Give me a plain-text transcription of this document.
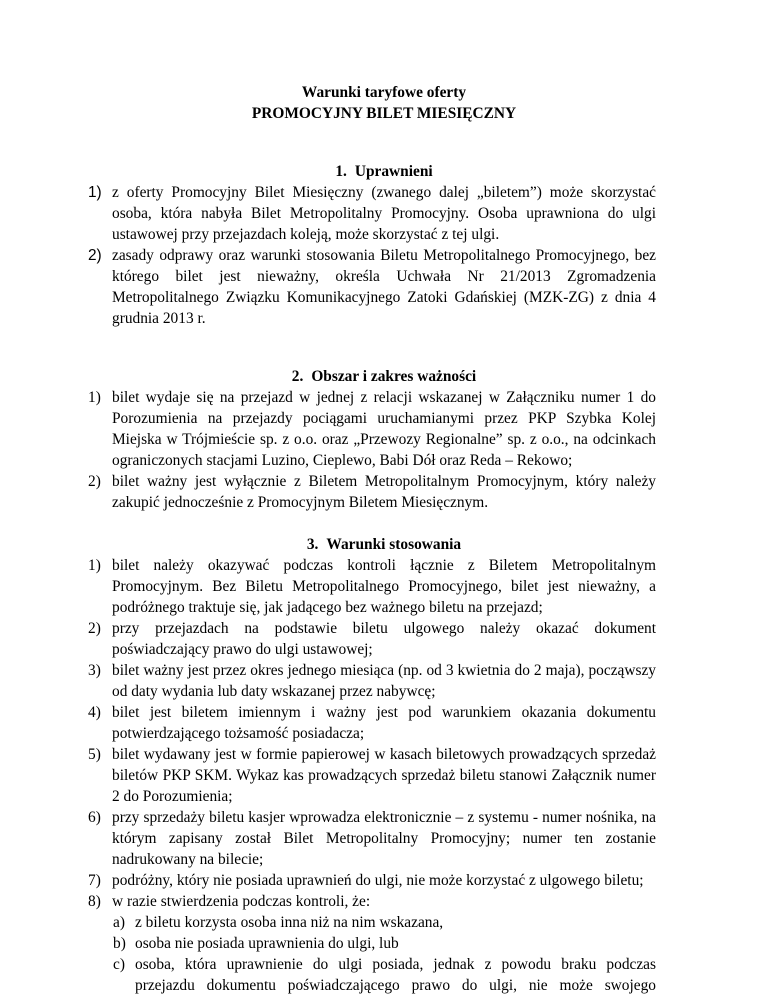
Warunki taryfowe oferty
PROMOCYJNY BILET MIESIĘCZNY
1. Uprawnieni
1) z oferty Promocyjny Bilet Miesięczny (zwanego dalej „biletem”) może skorzystać osoba, która nabyła Bilet Metropolitalny Promocyjny. Osoba uprawniona do ulgi ustawowej przy przejazdach koleją, może skorzystać z tej ulgi.
2) zasady odprawy oraz warunki stosowania Biletu Metropolitalnego Promocyjnego, bez którego bilet jest nieważny, określa Uchwała Nr 21/2013 Zgromadzenia Metropolitalnego Związku Komunikacyjnego Zatoki Gdańskiej (MZK-ZG) z dnia 4 grudnia 2013 r.
2. Obszar i zakres ważności
1) bilet wydaje się na przejazd w jednej z relacji wskazanej w Załączniku numer 1 do Porozumienia na przejazdy pociągami uruchamianymi przez PKP Szybka Kolej Miejska w Trójmieście sp. z o.o. oraz „Przewozy Regionalne” sp. z o.o., na odcinkach ograniczonych stacjami Luzino, Cieplewo, Babi Dół oraz Reda – Rekowo;
2) bilet ważny jest wyłącznie z Biletem Metropolitalnym Promocyjnym, który należy zakupić jednocześnie z Promocyjnym Biletem Miesięcznym.
3. Warunki stosowania
1) bilet należy okazywać podczas kontroli łącznie z Biletem Metropolitalnym Promocyjnym. Bez Biletu Metropolitalnego Promocyjnego, bilet jest nieważny, a podróżnego traktuje się, jak jadącego bez ważnego biletu na przejazd;
2) przy przejazdach na podstawie biletu ulgowego należy okazać dokument poświadczający prawo do ulgi ustawowej;
3) bilet ważny jest przez okres jednego miesiąca (np. od 3 kwietnia do 2 maja), począwszy od daty wydania lub daty wskazanej przez nabywcę;
4) bilet jest biletem imiennym i ważny jest pod warunkiem okazania dokumentu potwierdzającego tożsamość posiadacza;
5) bilet wydawany jest w formie papierowej w kasach biletowych prowadzących sprzedaż biletów PKP SKM. Wykaz kas prowadzących sprzedaż biletu stanowi Załącznik numer 2 do Porozumienia;
6) przy sprzedaży biletu kasjer wprowadza elektronicznie – z systemu - numer nośnika, na którym zapisany został Bilet Metropolitalny Promocyjny; numer ten zostanie nadrukowany na bilecie;
7) podróżny, który nie posiada uprawnień do ulgi, nie może korzystać z ulgowego biletu;
8) w razie stwierdzenia podczas kontroli, że:
a) z biletu korzysta osoba inna niż na nim wskazana,
b) osoba nie posiada uprawnienia do ulgi, lub
c) osoba, która uprawnienie do ulgi posiada, jednak z powodu braku podczas przejazdu dokumentu poświadczającego prawo do ulgi, nie może swojego
